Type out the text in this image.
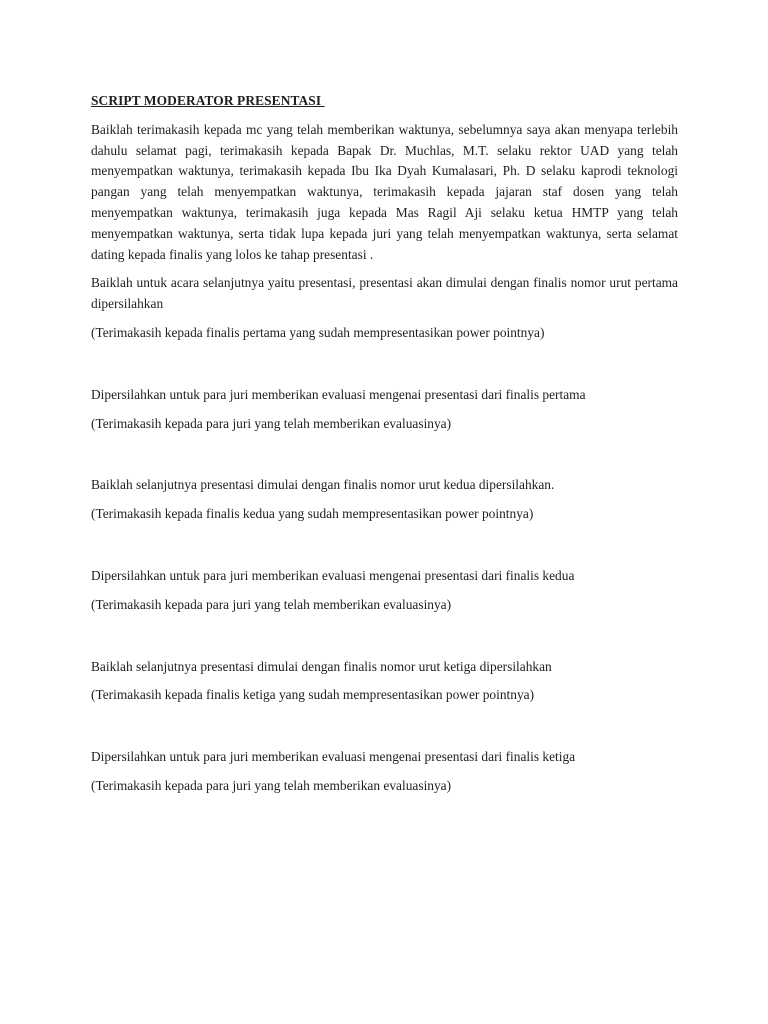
SCRIPT MODERATOR PRESENTASI

Baiklah terimakasih kepada mc yang telah memberikan waktunya, sebelumnya saya akan menyapa terlebih dahulu selamat pagi, terimakasih kepada Bapak Dr. Muchlas, M.T. selaku rektor UAD yang telah menyempatkan waktunya, terimakasih kepada Ibu Ika Dyah Kumalasari, Ph. D selaku kaprodi teknologi pangan yang telah menyempatkan waktunya, terimakasih kepada jajaran staf dosen yang telah menyempatkan waktunya, terimakasih juga kepada Mas Ragil Aji selaku ketua HMTP yang telah menyempatkan waktunya, serta tidak lupa kepada juri yang telah menyempatkan waktunya, serta selamat dating kepada finalis yang lolos ke tahap presentasi .

Baiklah untuk acara selanjutnya yaitu presentasi, presentasi akan dimulai dengan finalis nomor urut pertama dipersilahkan

(Terimakasih kepada finalis pertama yang sudah mempresentasikan power pointnya)

Dipersilahkan untuk para juri memberikan evaluasi mengenai presentasi dari finalis pertama

(Terimakasih kepada para juri yang telah memberikan evaluasinya)

Baiklah selanjutnya presentasi dimulai dengan finalis nomor urut kedua dipersilahkan.

(Terimakasih kepada finalis kedua yang sudah mempresentasikan power pointnya)

Dipersilahkan untuk para juri memberikan evaluasi mengenai presentasi dari finalis kedua

(Terimakasih kepada para juri yang telah memberikan evaluasinya)

Baiklah selanjutnya presentasi dimulai dengan finalis nomor urut ketiga dipersilahkan

(Terimakasih kepada finalis ketiga yang sudah mempresentasikan power pointnya)

Dipersilahkan untuk para juri memberikan evaluasi mengenai presentasi dari finalis ketiga

(Terimakasih kepada para juri yang telah memberikan evaluasinya)
